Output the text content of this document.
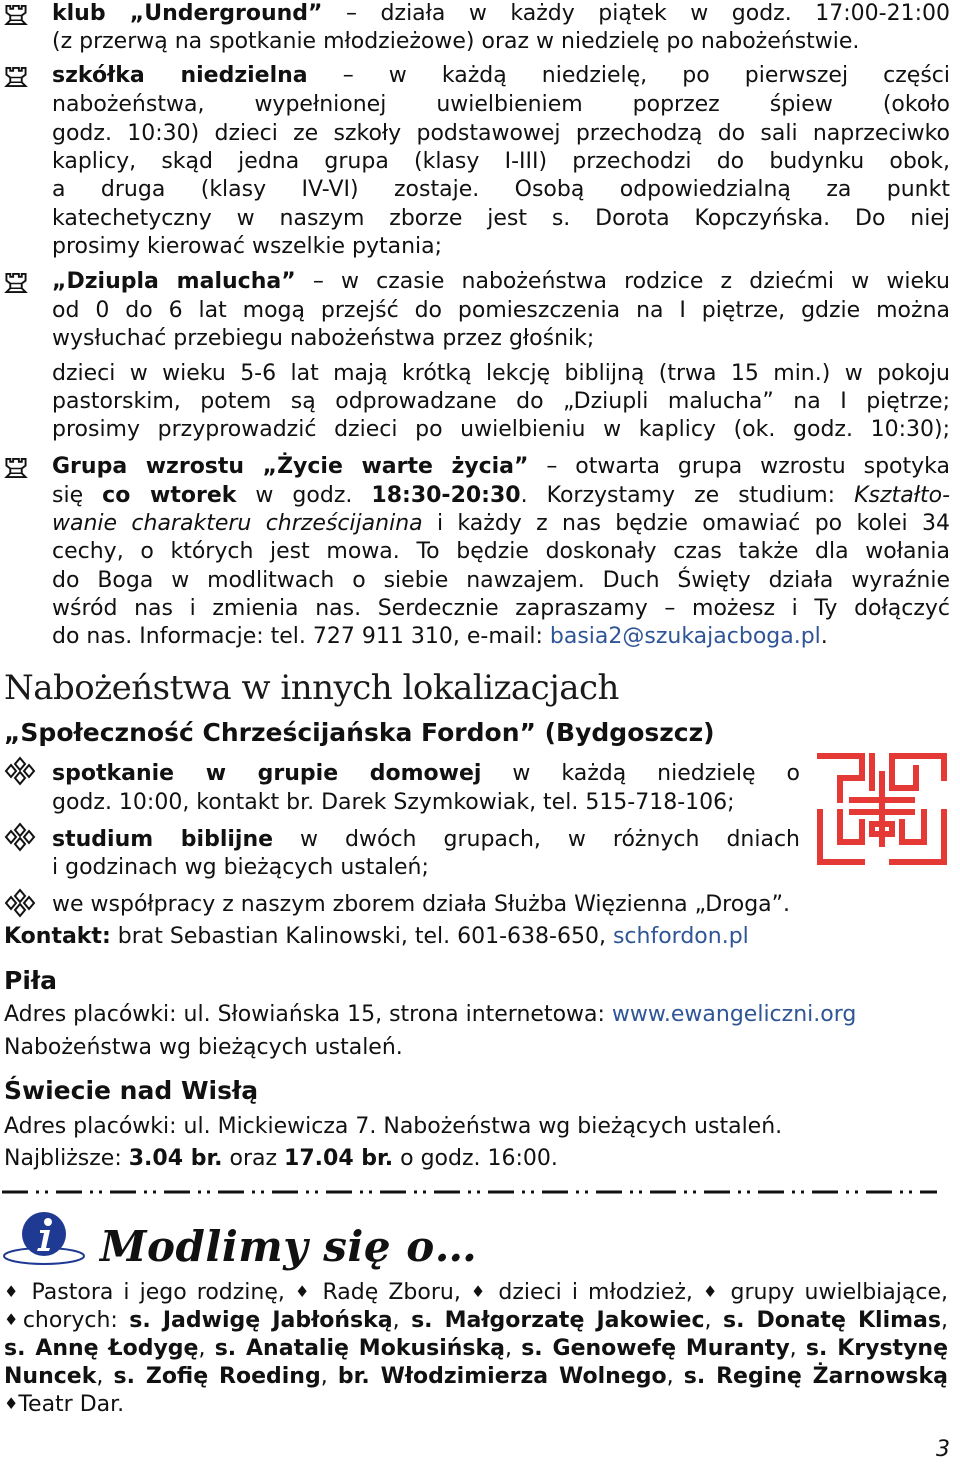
klub „Underground” – działa w każdy piątek w godz. 17:00-21:00
(z przerwą na spotkanie młodzieżowe) oraz w niedzielę po nabożeństwie.
szkółka niedzielna – w każdą niedzielę, po pierwszej części
nabożeństwa, wypełnionej uwielbieniem poprzez śpiew (około
godz. 10:30) dzieci ze szkoły podstawowej przechodzą do sali naprzeciwko
kaplicy, skąd jedna grupa (klasy I-III) przechodzi do budynku obok,
a druga (klasy IV-VI) zostaje. Osobą odpowiedzialną za punkt
katechetyczny w naszym zborze jest s. Dorota Kopczyńska. Do niej
prosimy kierować wszelkie pytania;
„Dziupla malucha” – w czasie nabożeństwa rodzice z dziećmi w wieku
od 0 do 6 lat mogą przejść do pomieszczenia na I piętrze, gdzie można
wysłuchać przebiegu nabożeństwa przez głośnik;
dzieci w wieku 5-6 lat mają krótką lekcję biblijną (trwa 15 min.) w pokoju
pastorskim, potem są odprowadzane do „Dziupli malucha” na I piętrze;
prosimy przyprowadzić dzieci po uwielbieniu w kaplicy (ok. godz. 10:30);
Grupa wzrostu „Życie warte życia” – otwarta grupa wzrostu spotyka
się co wtorek w godz. 18:30-20:30. Korzystamy ze studium: Kształto-
wanie charakteru chrześcijanina i każdy z nas będzie omawiać po kolei 34
cechy, o których jest mowa. To będzie doskonały czas także dla wołania
do Boga w modlitwach o siebie nawzajem. Duch Święty działa wyraźnie
wśród nas i zmienia nas. Serdecznie zapraszamy – możesz i Ty dołączyć
do nas. Informacje: tel. 727 911 310, e-mail: basia2@szukajacboga.pl.
Nabożeństwa w innych lokalizacjach
„Społeczność Chrześcijańska Fordon” (Bydgoszcz)
spotkanie w grupie domowej w każdą niedzielę o
godz. 10:00, kontakt br. Darek Szymkowiak, tel. 515-718-106;
studium biblijne w dwóch grupach, w różnych dniach
i godzinach wg bieżących ustaleń;
we współpracy z naszym zborem działa Służba Więzienna „Droga”.
Kontakt: brat Sebastian Kalinowski, tel. 601-638-650, schfordon.pl
Piła
Adres placówki: ul. Słowiańska 15, strona internetowa: www.ewangeliczni.org
Nabożeństwa wg bieżących ustaleń.
Świecie nad Wisłą
Adres placówki: ul. Mickiewicza 7. Nabożeństwa wg bieżących ustaleń.
Najbliższe: 3.04 br. oraz 17.04 br. o godz. 16:00.
Modlimy się o…
♦ Pastora i jego rodzinę, ♦ Radę Zboru, ♦ dzieci i młodzież, ♦ grupy uwielbiające,
♦chorych: s. Jadwigę Jabłońską, s. Małgorzatę Jakowiec, s. Donatę Klimas,
s. Annę Łodygę, s. Anatalię Mokusińską, s. Genowefę Muranty, s. Krystynę
Nuncek, s. Zofię Roeding, br. Włodzimierza Wolnego, s. Reginę Żarnowską
♦Teatr Dar.
3
